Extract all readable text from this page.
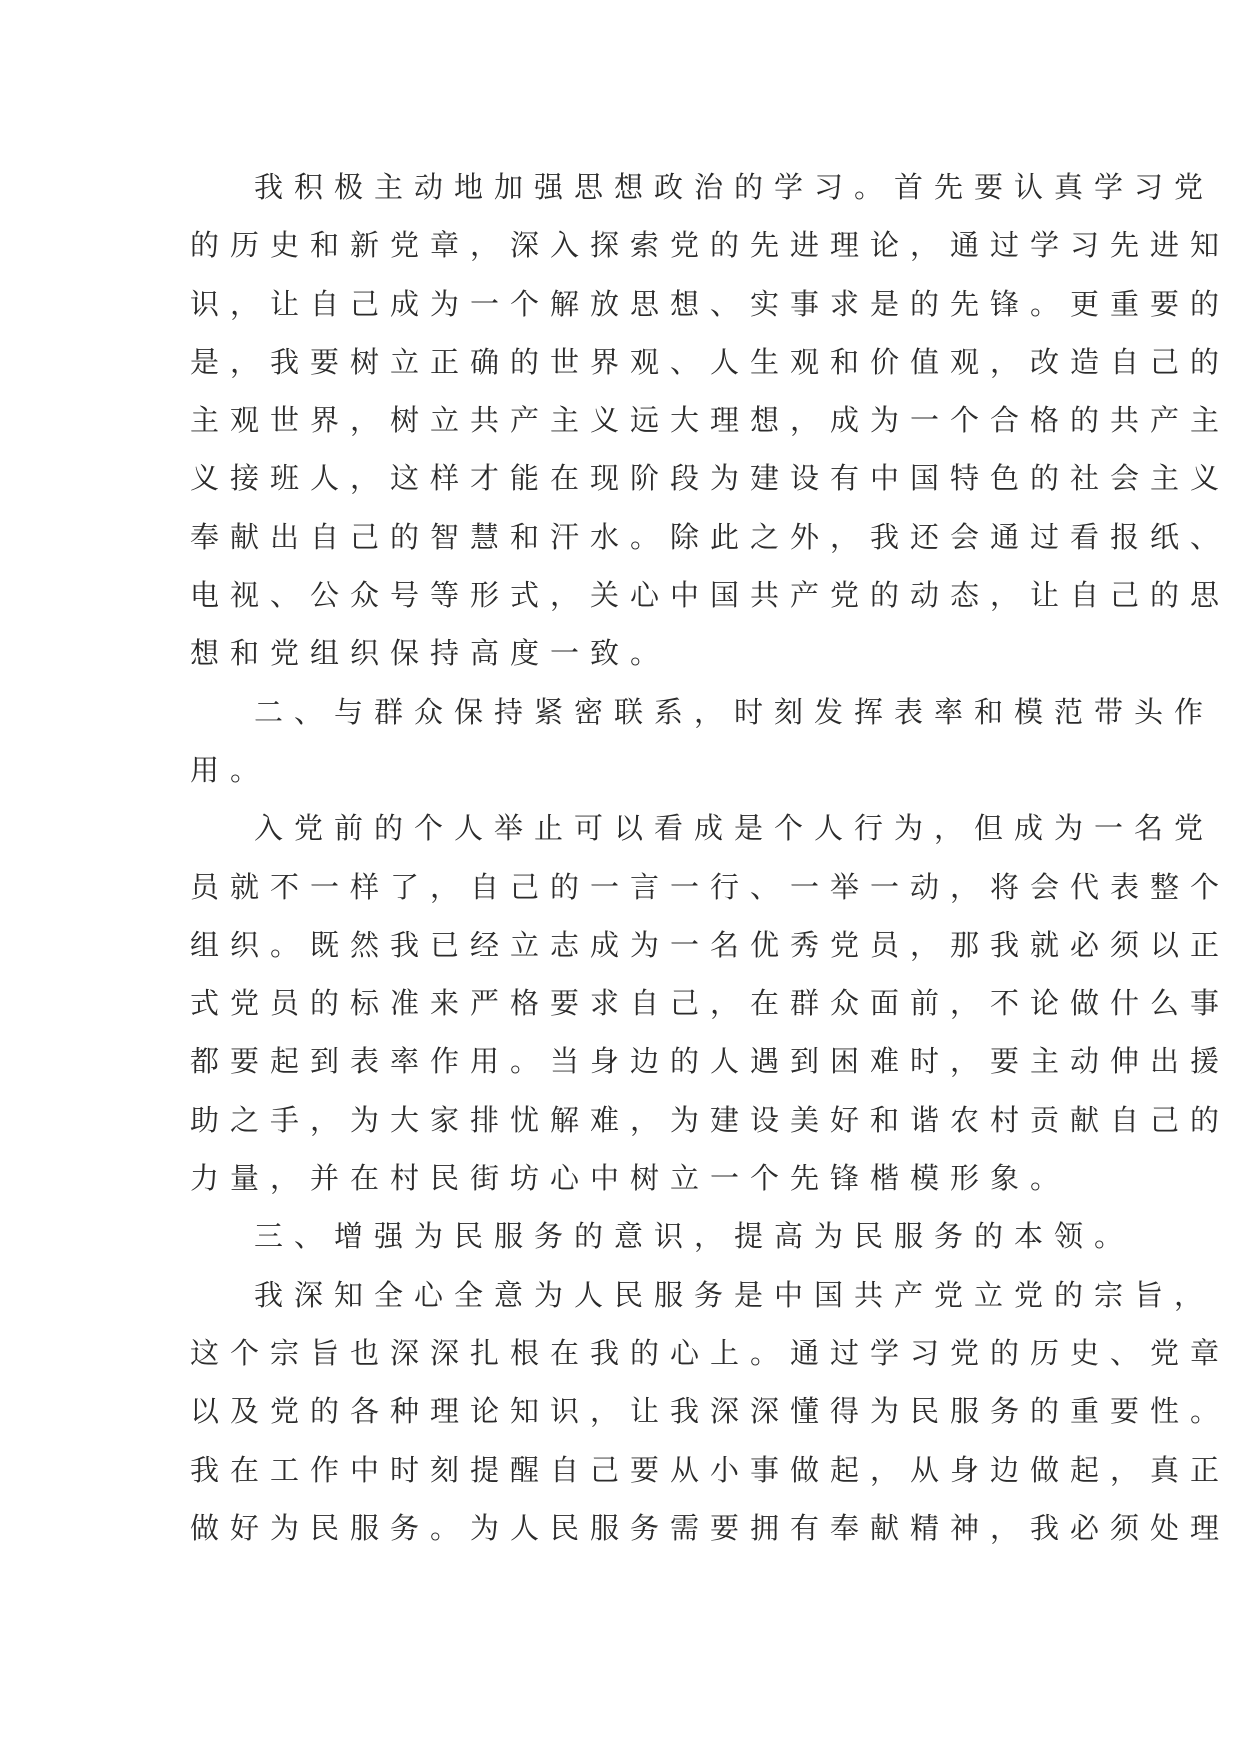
我积极主动地加强思想政治的学习。首先要认真学习党
的历史和新党章，深入探索党的先进理论，通过学习先进知
识，让自己成为一个解放思想、实事求是的先锋。更重要的
是，我要树立正确的世界观、人生观和价值观，改造自己的
主观世界，树立共产主义远大理想，成为一个合格的共产主
义接班人，这样才能在现阶段为建设有中国特色的社会主义
奉献出自己的智慧和汗水。除此之外，我还会通过看报纸、
电视、公众号等形式，关心中国共产党的动态，让自己的思
想和党组织保持高度一致。
二、与群众保持紧密联系，时刻发挥表率和模范带头作
用。
入党前的个人举止可以看成是个人行为，但成为一名党
员就不一样了，自己的一言一行、一举一动，将会代表整个
组织。既然我已经立志成为一名优秀党员，那我就必须以正
式党员的标准来严格要求自己，在群众面前，不论做什么事
都要起到表率作用。当身边的人遇到困难时，要主动伸出援
助之手，为大家排忧解难，为建设美好和谐农村贡献自己的
力量，并在村民街坊心中树立一个先锋楷模形象。
三、增强为民服务的意识，提高为民服务的本领。
我深知全心全意为人民服务是中国共产党立党的宗旨，
这个宗旨也深深扎根在我的心上。通过学习党的历史、党章
以及党的各种理论知识，让我深深懂得为民服务的重要性。
我在工作中时刻提醒自己要从小事做起，从身边做起，真正
做好为民服务。为人民服务需要拥有奉献精神，我必须处理
